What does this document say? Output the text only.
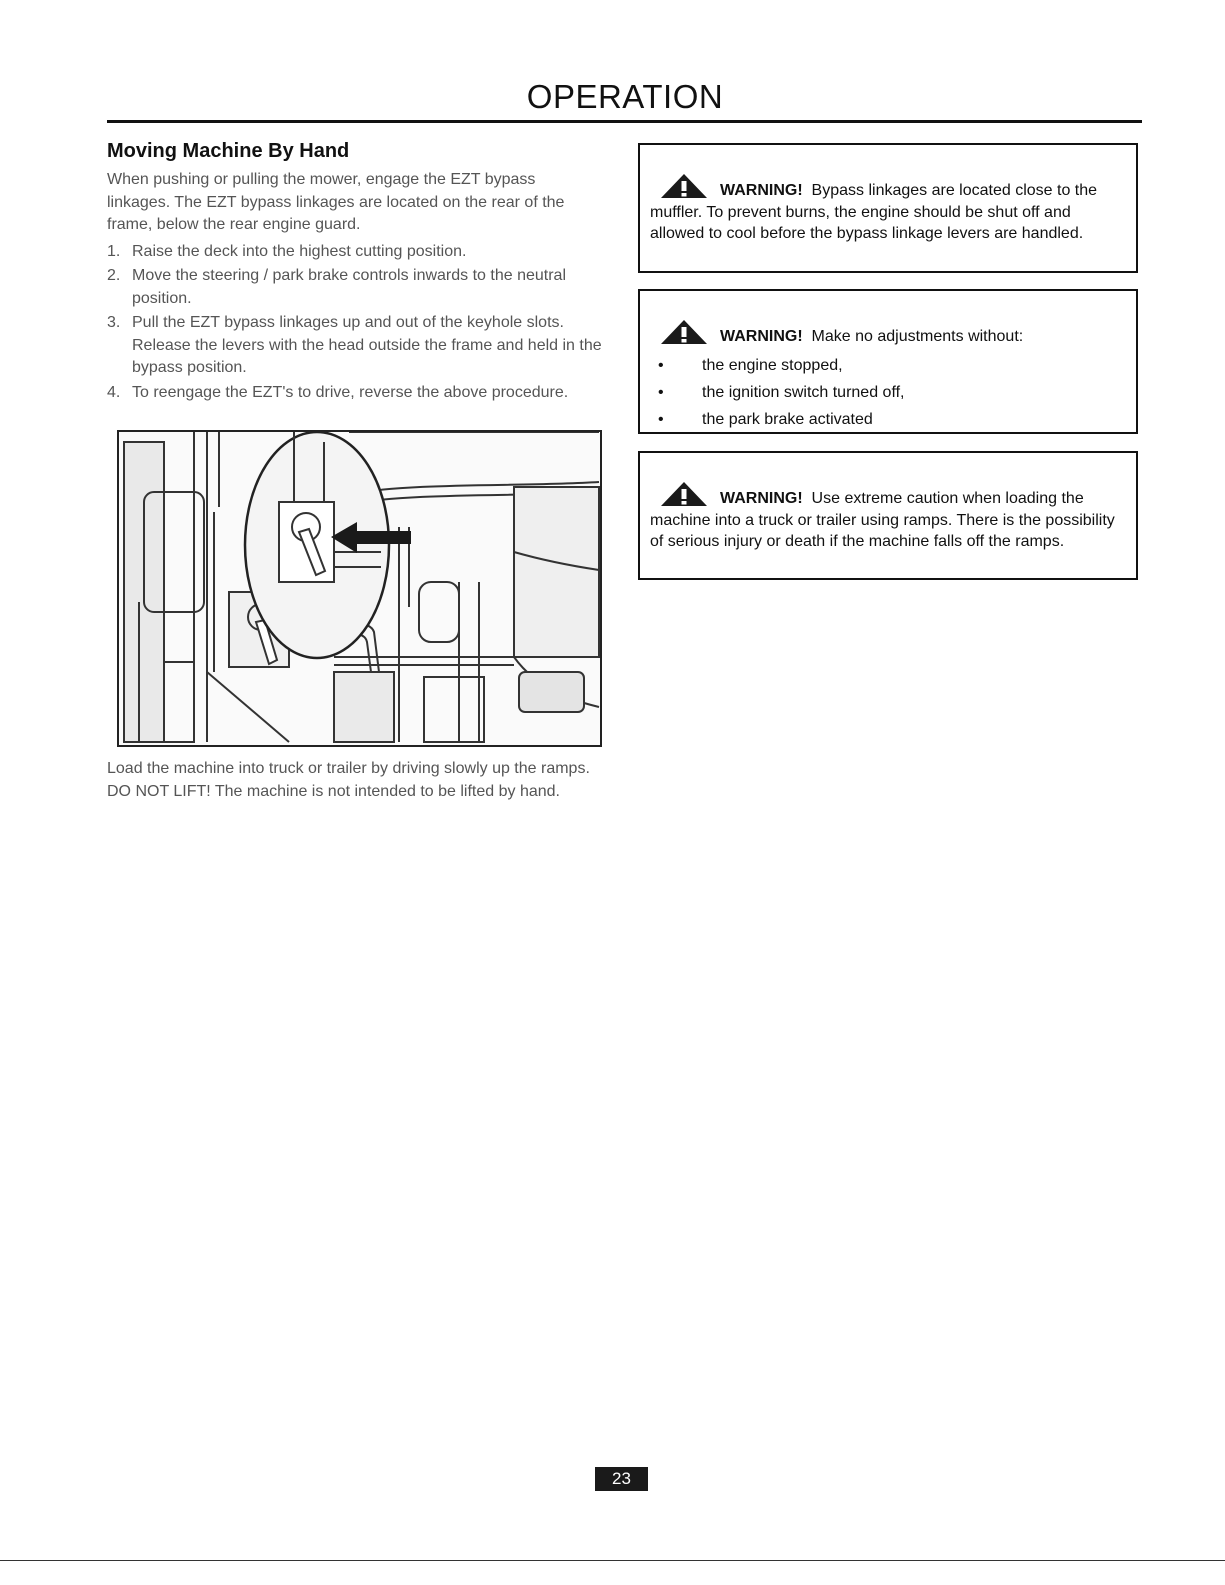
OPERATION
Moving Machine By Hand

When pushing or pulling the mower, engage the EZT bypass linkages. The EZT bypass linkages are located on the rear of the frame, below the rear engine guard.

1. Raise the deck into the highest cutting position.
2. Move the steering / park brake controls inwards to the neutral position.
3. Pull the EZT bypass linkages up and out of the keyhole slots. Release the levers with the head outside the frame and held in the bypass position.
4. To reengage the EZT's to drive, reverse the above procedure.

Load the machine into truck or trailer by driving slowly up the ramps. DO NOT LIFT! The machine is not intended to be lifted by hand.

WARNING! Bypass linkages are located close to the muffler. To prevent burns, the engine should be shut off and allowed to cool before the bypass linkage levers are handled.

WARNING! Make no adjustments without:

• the engine stopped,
• the ignition switch turned off,
• the park brake activated

WARNING! Use extreme caution when loading the machine into a truck or trailer using ramps. There is the possibility of serious injury or death if the machine falls off the ramps.

23
